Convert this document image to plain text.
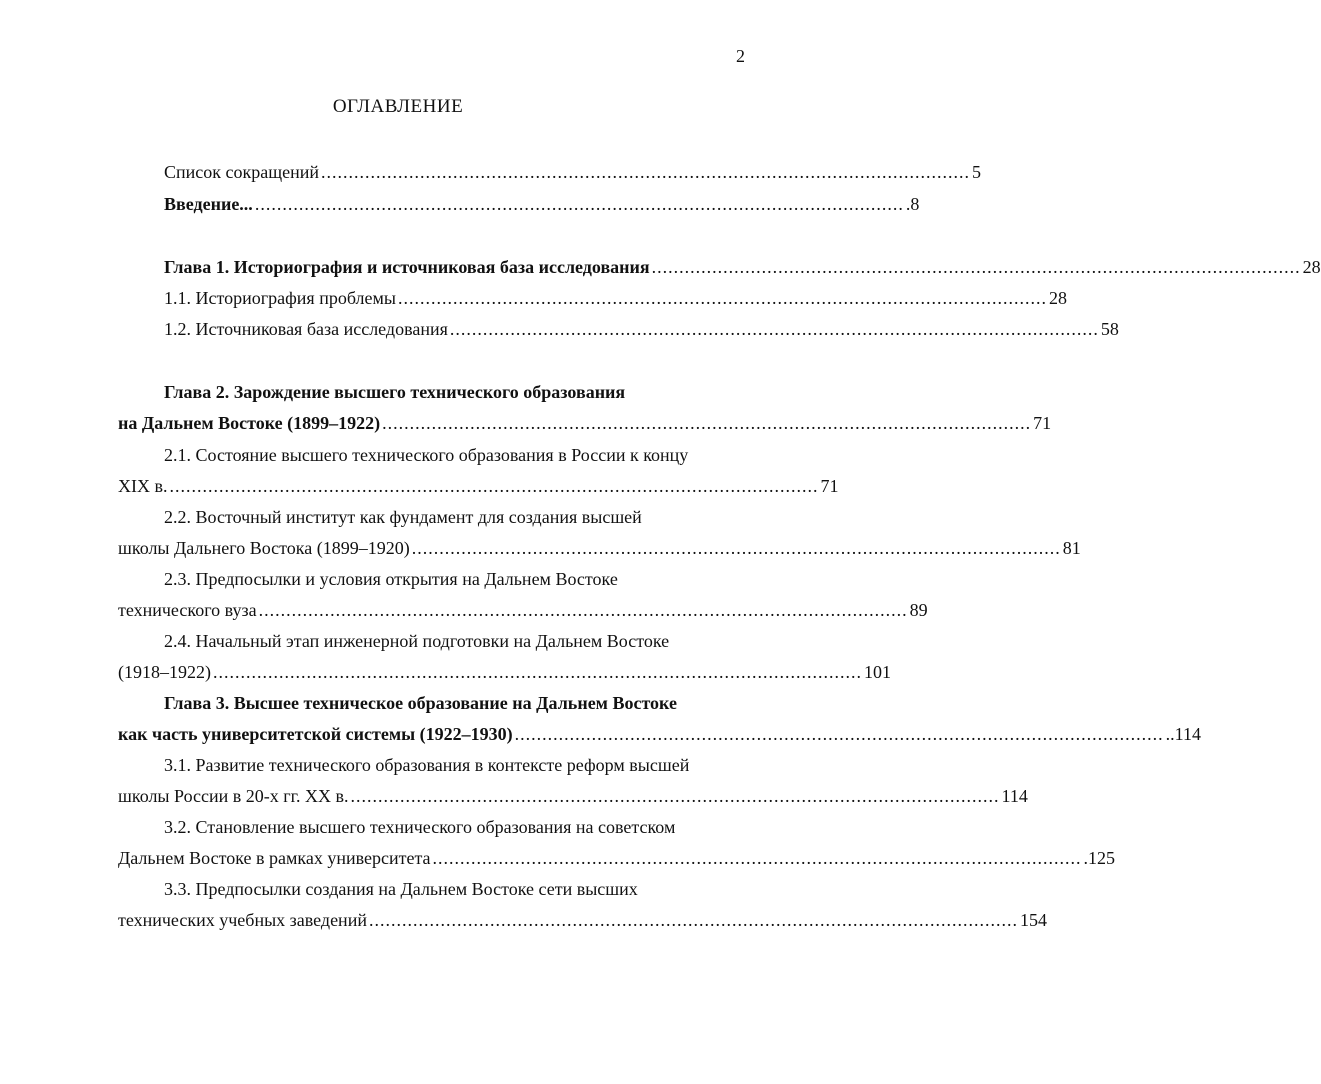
2
ОГЛАВЛЕНИЕ
Список сокращений ...................................................................................................................... 5
Введение... ...................................................................................................................... .8
Глава 1. Историография и источниковая база исследования ...................................................................................................................... 28
1.1. Историография проблемы ...................................................................................................................... 28
1.2. Источниковая база исследования ...................................................................................................................... 58
Глава 2. Зарождение высшего технического образования
на Дальнем Востоке (1899–1922) ...................................................................................................................... 71
2.1. Состояние высшего технического образования в России к концу
XIX в. ...................................................................................................................... 71
2.2. Восточный институт как фундамент для создания высшей
школы Дальнего Востока (1899–1920) ...................................................................................................................... 81
2.3. Предпосылки и условия открытия на Дальнем Востоке
технического вуза ...................................................................................................................... 89
2.4. Начальный этап инженерной подготовки на Дальнем Востоке
(1918–1922) ...................................................................................................................... 101
Глава 3. Высшее техническое образование на Дальнем Востоке
как часть университетской системы (1922–1930) ...................................................................................................................... ..114
3.1. Развитие технического образования в контексте реформ высшей
школы России в 20-х гг. XX в. ...................................................................................................................... 114
3.2. Становление высшего технического образования на советском
Дальнем Востоке в рамках университета ...................................................................................................................... .125
3.3. Предпосылки создания на Дальнем Востоке сети высших
технических учебных заведений ...................................................................................................................... 154
